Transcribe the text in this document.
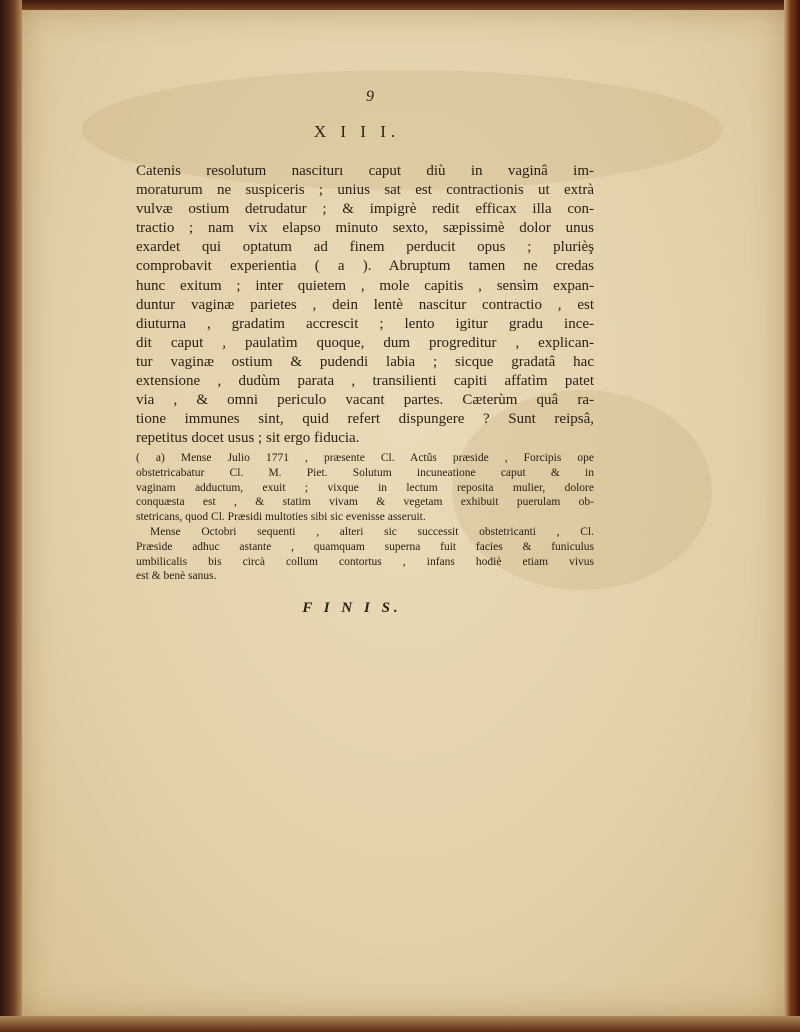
9
X I I I.
Catenis resolutum nasciturı caput diù in vaginâ im-
moraturum ne suspiceris ; unius sat est contractionis ut extrà
vulvæ ostium detrudatur ; & impigrè redit efficax illa con-
tractio ; nam vix elapso minuto sexto, sæpissimè dolor unus
exardet qui optatum ad finem perducit opus ; plurièş
comprobavit experientia ( a ). Abruptum tamen ne credas
hunc exitum ; inter quietem , mole capitis , sensìm expan-
duntur vaginæ parietes , dein lentè nascitur contractio , est
diuturna , gradatim accrescit ; lento igitur gradu ince-
dit caput , paulatìm quoque, dum progreditur , explican-
tur vaginæ ostium & pudendi labia ; sicque gradatâ hac
extensione , dudùm parata , transilienti capiti affatìm patet
via , & omni periculo vacant partes. Cæterùm quâ ra-
tione immunes sint, quid refert dispungere ? Sunt reipsâ,
repetitus docet usus ; sit ergo fiducia.
( a) Mense Julio 1771 , præsente Cl. Actûs præside , Forcipis ope
obstetricabatur Cl. M. Piet. Solutum incuneatione caput & in
vaginam adductum, exuit ; vixque in lectum reposita mulier, dolore
conquæsta est , & statim vivam & vegetam exhibuit puerulam ob-
stetricans, quod Cl. Præsidi multoties sibi sic evenisse asseruit.
Mense Octobri sequenti , alteri sic successit obstetricanti , Cl.
Præside adhuc astante , quamquam superna fuit facies & funiculus
umbilicalis bis circà collum contortus , infans hodiè etiam vivus
est & benè sanus.
F I N I S.
